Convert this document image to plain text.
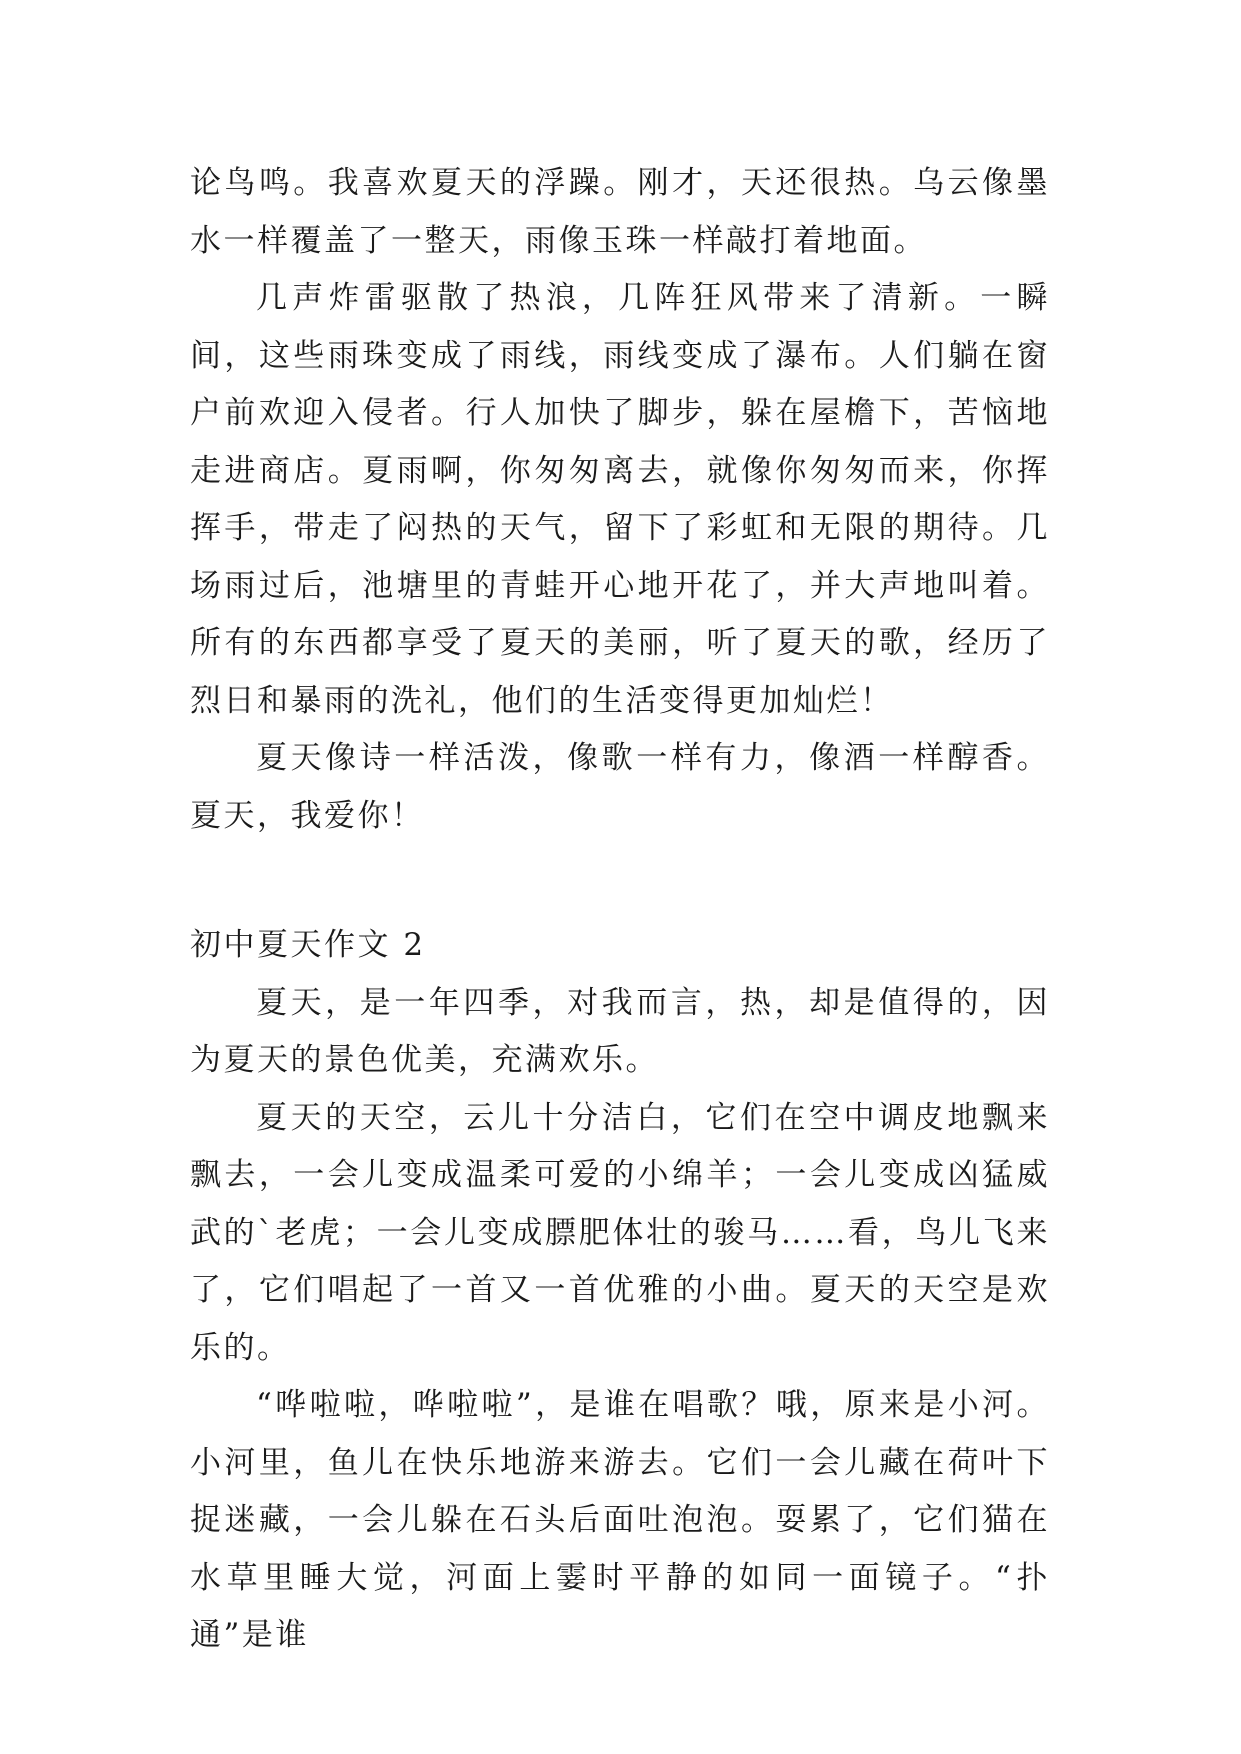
论鸟鸣。我喜欢夏天的浮躁。刚才，天还很热。乌云像墨水一样覆盖了一整天，雨像玉珠一样敲打着地面。

几声炸雷驱散了热浪，几阵狂风带来了清新。一瞬间，这些雨珠变成了雨线，雨线变成了瀑布。人们躺在窗户前欢迎入侵者。行人加快了脚步，躲在屋檐下，苦恼地走进商店。夏雨啊，你匆匆离去，就像你匆匆而来，你挥挥手，带走了闷热的天气，留下了彩虹和无限的期待。几场雨过后，池塘里的青蛙开心地开花了，并大声地叫着。所有的东西都享受了夏天的美丽，听了夏天的歌，经历了烈日和暴雨的洗礼，他们的生活变得更加灿烂！

夏天像诗一样活泼，像歌一样有力，像酒一样醇香。夏天，我爱你！

初中夏天作文 2

夏天，是一年四季，对我而言，热，却是值得的，因为夏天的景色优美，充满欢乐。

夏天的天空，云儿十分洁白，它们在空中调皮地飘来飘去，一会儿变成温柔可爱的小绵羊；一会儿变成凶猛威武的`老虎；一会儿变成膘肥体壮的骏马……看，鸟儿飞来了，它们唱起了一首又一首优雅的小曲。夏天的天空是欢乐的。

“哗啦啦，哗啦啦”，是谁在唱歌？哦，原来是小河。小河里，鱼儿在快乐地游来游去。它们一会儿藏在荷叶下捉迷藏，一会儿躲在石头后面吐泡泡。耍累了，它们猫在水草里睡大觉，河面上霎时平静的如同一面镜子。“扑通”是谁
